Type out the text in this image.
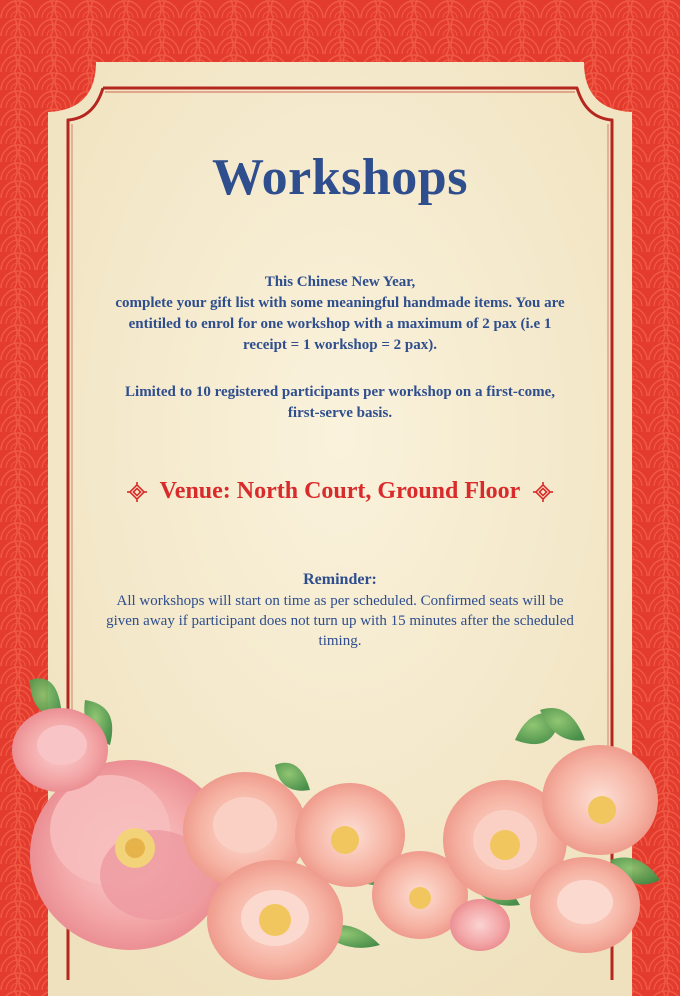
Workshops

This Chinese New Year,

complete your gift list with some meaningful handmade items. You are entitiled to enrol for one workshop with a maximum of 2 pax (i.e 1 receipt = 1 workshop = 2 pax).

Limited to 10 registered participants per workshop on a first-come, first-serve basis.
Venue: North Court, Ground Floor
Reminder:
All workshops will start on time as per scheduled. Confirmed seats will be given away if participant does not turn up with 15 minutes after the scheduled timing.
